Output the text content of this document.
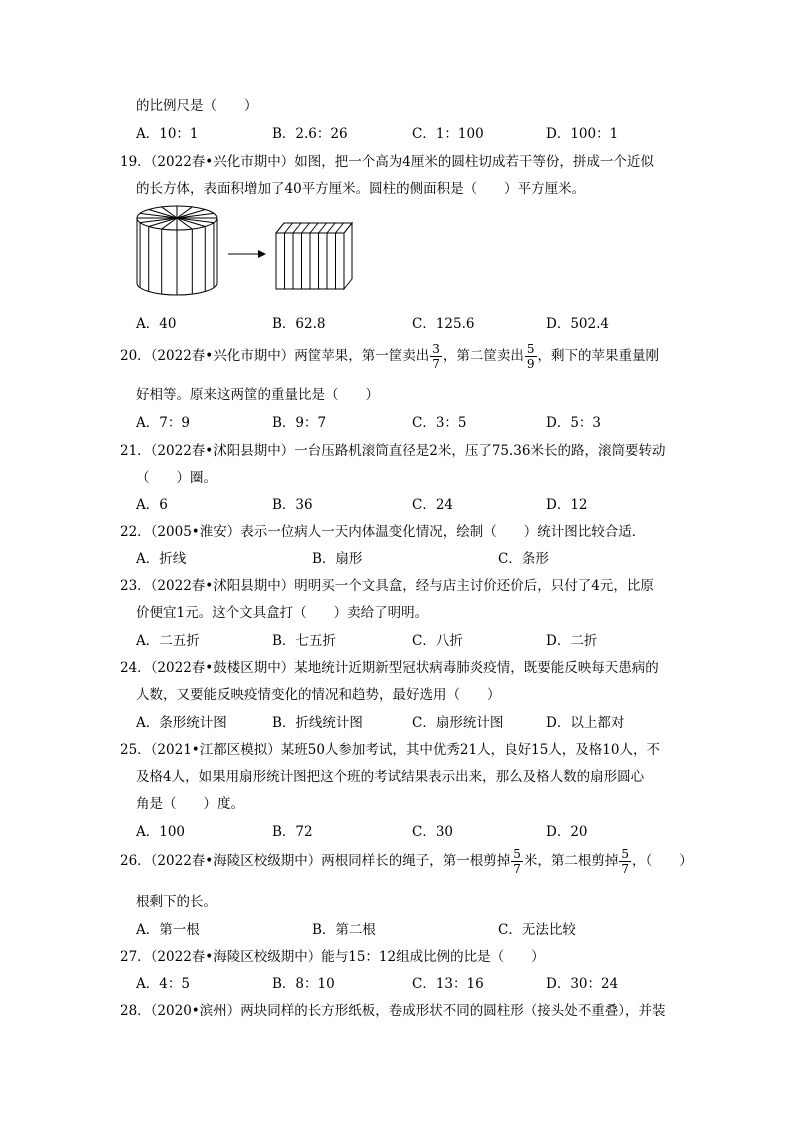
的比例尺是（　　）
A．10：1	B．2.6：26	C．1：100	D．100：1
19．（2022春•兴化市期中）如图，把一个高为4厘米的圆柱切成若干等份，拼成一个近似
的长方体，表面积增加了40平方厘米。圆柱的侧面积是（　　）平方厘米。
A．40	B．62.8	C．125.6	D．502.4
20．（2022春•兴化市期中）两筐苹果，第一筐卖出 $\frac{3}{7}$ ，第二筐卖出 $\frac{5}{9}$ ，剩下的苹果重量刚
好相等。原来这两筐的重量比是（　　）
A．7：9	B．9：7	C．3：5	D．5：3
21．（2022春•沭阳县期中）一台压路机滚筒直径是2米，压了75.36米长的路，滚筒要转动
（　　）圈。
A．6	B．36	C．24	D．12
22．（2005•淮安）表示一位病人一天内体温变化情况，绘制（　　）统计图比较合适．
A．折线	B．扇形	C．条形
23．（2022春•沭阳县期中）明明买一个文具盒，经与店主讨价还价后，只付了4元，比原
价便宜1元。这个文具盒打（　　）卖给了明明。
A．二五折	B．七五折	C．八折	D．二折
24．（2022春•鼓楼区期中）某地统计近期新型冠状病毒肺炎疫情，既要能反映每天患病的
人数，又要能反映疫情变化的情况和趋势，最好选用（　　）
A．条形统计图	B．折线统计图	C．扇形统计图	D．以上都对
25．（2021•江都区模拟）某班50人参加考试，其中优秀21人，良好15人，及格10人，不
及格4人，如果用扇形统计图把这个班的考试结果表示出来，那么及格人数的扇形圆心
角是（　　）度。
A．100	B．72	C．30	D．20
26．（2022春•海陵区校级期中）两根同样长的绳子，第一根剪掉 $\frac{5}{7}$ 米，第二根剪掉 $\frac{5}{7}$ ，（　　）
根剩下的长。
A．第一根	B．第二根	C．无法比较
27．（2022春•海陵区校级期中）能与15：12组成比例的比是（　　）
A．4：5	B．8：10	C．13：16	D．30：24
28．（2020•滨州）两块同样的长方形纸板，卷成形状不同的圆柱形（接头处不重叠），并装
